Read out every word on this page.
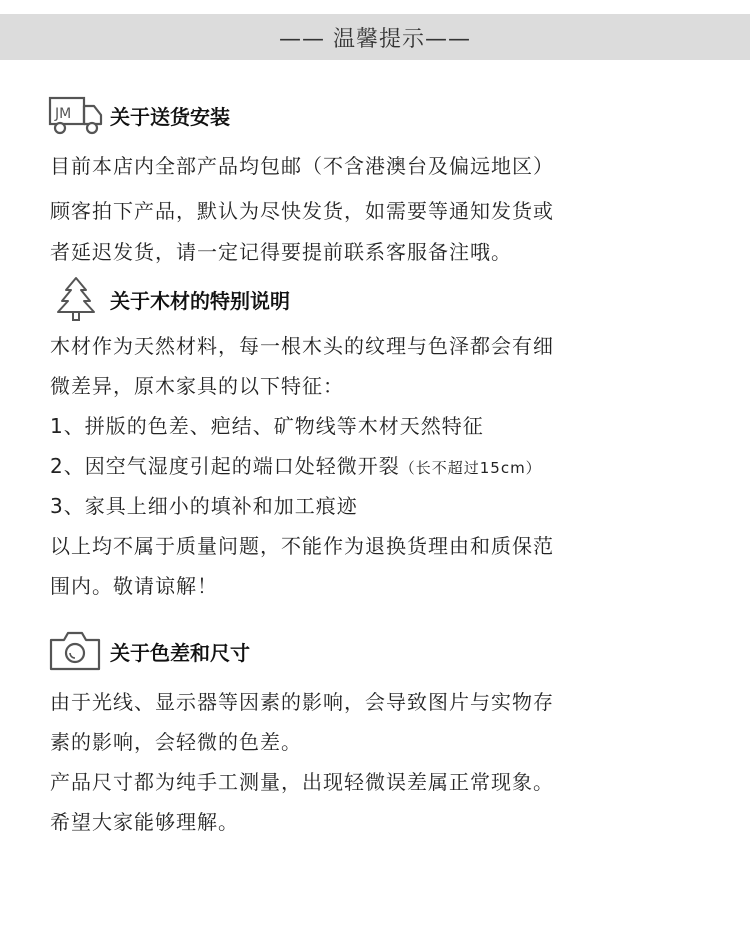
—— 温馨提示——
JM 关于送货安装
目前本店内全部产品均包邮（不含港澳台及偏远地区）
顾客拍下产品，默认为尽快发货，如需要等通知发货或
者延迟发货，请一定记得要提前联系客服备注哦。
关于木材的特别说明
木材作为天然材料，每一根木头的纹理与色泽都会有细
微差异，原木家具的以下特征：
1、拼版的色差、疤结、矿物线等木材天然特征
2、因空气湿度引起的端口处轻微开裂（长不超过15cm）
3、家具上细小的填补和加工痕迹
以上均不属于质量问题，不能作为退换货理由和质保范
围内。敬请谅解！
关于色差和尺寸
由于光线、显示器等因素的影响，会导致图片与实物存
素的影响，会轻微的色差。
产品尺寸都为纯手工测量，出现轻微误差属正常现象。
希望大家能够理解。
